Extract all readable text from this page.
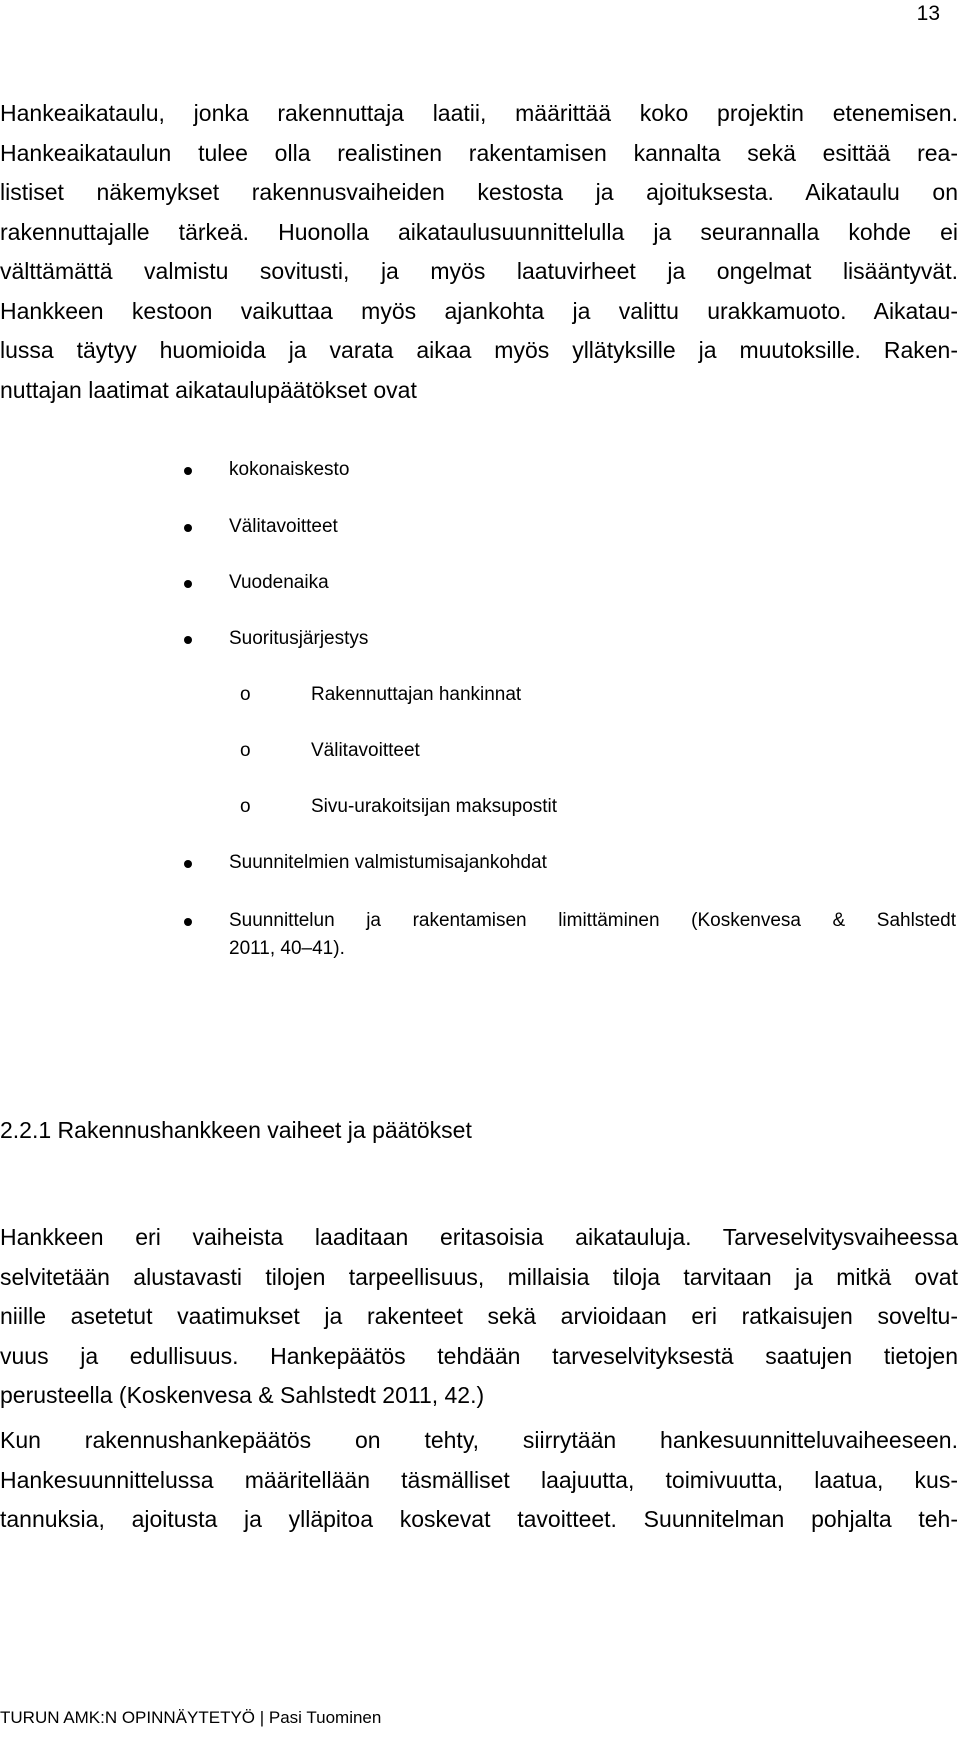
13
Hankeaikataulu, jonka rakennuttaja laatii, määrittää koko projektin etenemisen.
Hankeaikataulun tulee olla realistinen rakentamisen kannalta sekä esittää rea-
listiset näkemykset rakennusvaiheiden kestosta ja ajoituksesta. Aikataulu on
rakennuttajalle tärkeä. Huonolla aikataulusuunnittelulla ja seurannalla kohde ei
välttämättä valmistu sovitusti, ja myös laatuvirheet ja ongelmat lisääntyvät.
Hankkeen kestoon vaikuttaa myös ajankohta ja valittu urakkamuoto. Aikatau-
lussa täytyy huomioida ja varata aikaa myös yllätyksille ja muutoksille. Raken-
nuttajan laatimat aikataulupäätökset ovat
kokonaiskesto
Välitavoitteet
Vuodenaika
Suoritusjärjestys
o	Rakennuttajan hankinnat
o	Välitavoitteet
o	Sivu-urakoitsijan maksupostit
Suunnitelmien valmistumisajankohdat
Suunnittelun ja rakentamisen limittäminen (Koskenvesa & Sahlstedt
2011, 40–41).
2.2.1 Rakennushankkeen vaiheet ja päätökset
Hankkeen eri vaiheista laaditaan eritasoisia aikatauluja. Tarveselvitysvaiheessa
selvitetään alustavasti tilojen tarpeellisuus, millaisia tiloja tarvitaan ja mitkä ovat
niille asetetut vaatimukset ja rakenteet sekä arvioidaan eri ratkaisujen soveltu-
vuus ja edullisuus. Hankepäätös tehdään tarveselvityksestä saatujen tietojen
perusteella (Koskenvesa & Sahlstedt 2011, 42.)
Kun rakennushankepäätös on tehty, siirrytään hankesuunnitteluvaiheeseen.
Hankesuunnittelussa määritellään täsmälliset laajuutta, toimivuutta, laatua, kus-
tannuksia, ajoitusta ja ylläpitoa koskevat tavoitteet. Suunnitelman pohjalta teh-
TURUN AMK:N OPINNÄYTETYÖ | Pasi Tuominen
